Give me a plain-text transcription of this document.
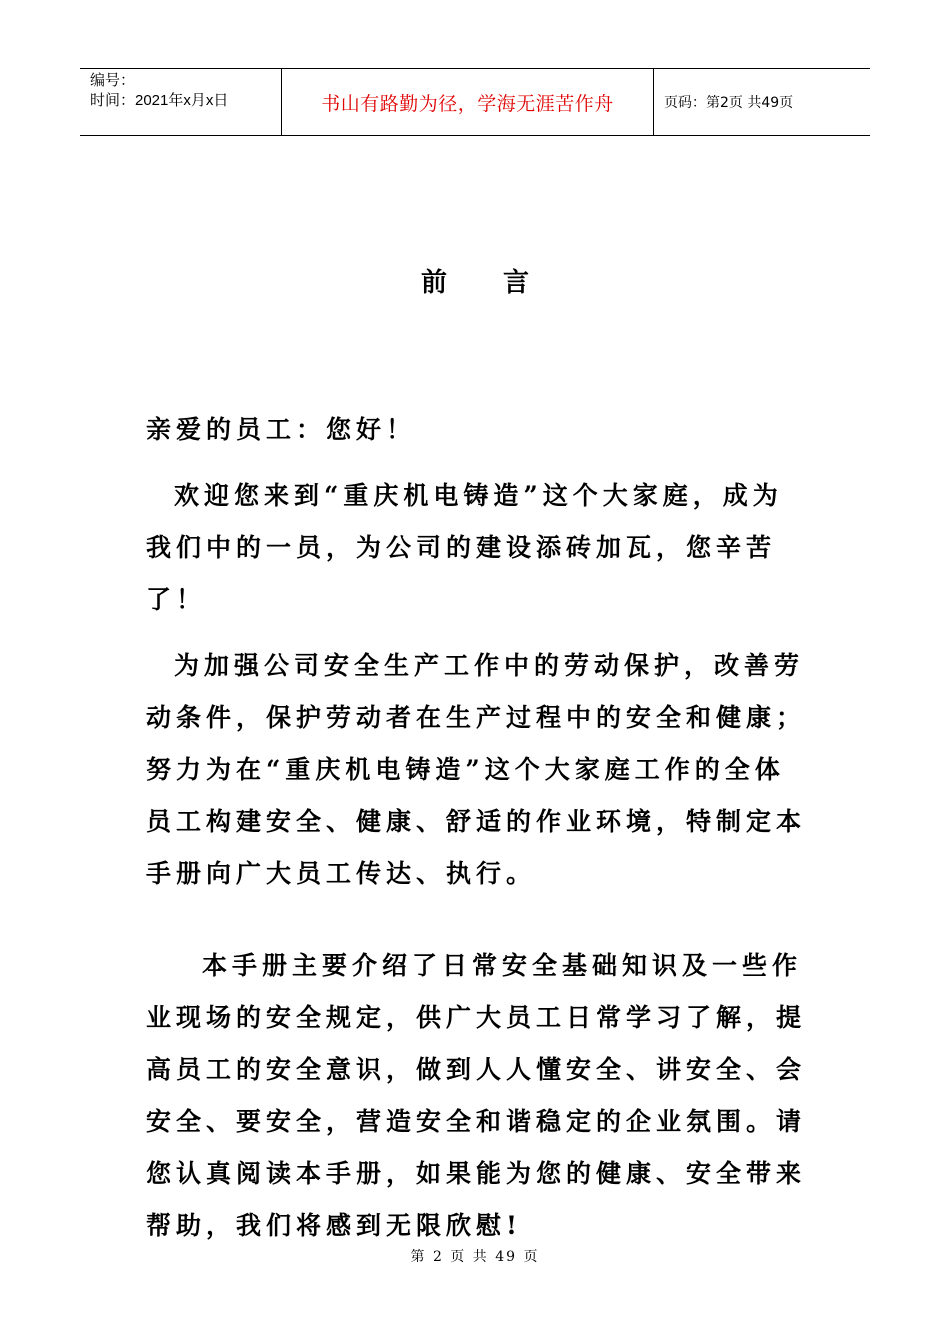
编号：
时间：2021年x月x日	书山有路勤为径，学海无涯苦作舟	页码：第2页 共49页
前言

亲爱的员工：您好！

欢迎您来到“重庆机电铸造”这个大家庭，成为我们中的一员，为公司的建设添砖加瓦，您辛苦了！

为加强公司安全生产工作中的劳动保护，改善劳动条件，保护劳动者在生产过程中的安全和健康；努力为在“重庆机电铸造”这个大家庭工作的全体员工构建安全、健康、舒适的作业环境，特制定本手册向广大员工传达、执行。

本手册主要介绍了日常安全基础知识及一些作业现场的安全规定，供广大员工日常学习了解，提高员工的安全意识，做到人人懂安全、讲安全、会安全、要安全，营造安全和谐稳定的企业氛围。请您认真阅读本手册，如果能为您的健康、安全带来帮助，我们将感到无限欣慰!

第 2 页 共 49 页
